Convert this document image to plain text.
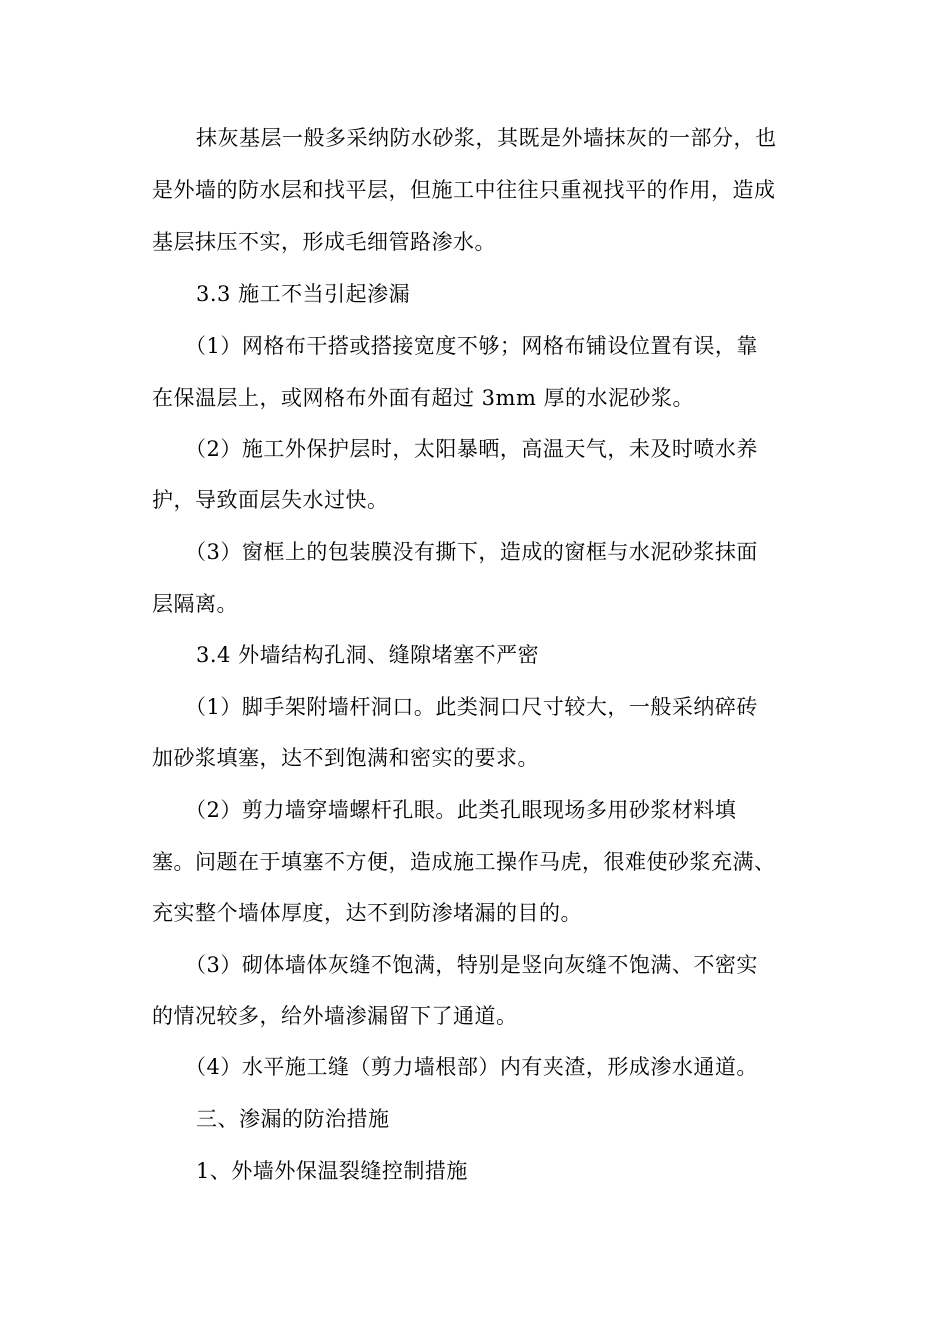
抹灰基层一般多采纳防水砂浆，其既是外墙抹灰的一部分，也
是外墙的防水层和找平层，但施工中往往只重视找平的作用，造成
基层抹压不实，形成毛细管路渗水。
3.3 施工不当引起渗漏
（1）网格布干搭或搭接宽度不够；网格布铺设位置有误，靠
在保温层上，或网格布外面有超过 3mm 厚的水泥砂浆。
（2）施工外保护层时，太阳暴晒，高温天气，未及时喷水养
护，导致面层失水过快。
（3）窗框上的包装膜没有撕下，造成的窗框与水泥砂浆抹面
层隔离。
3.4 外墙结构孔洞、缝隙堵塞不严密
（1）脚手架附墙杆洞口。此类洞口尺寸较大，一般采纳碎砖
加砂浆填塞，达不到饱满和密实的要求。
（2）剪力墙穿墙螺杆孔眼。此类孔眼现场多用砂浆材料填
塞。问题在于填塞不方便，造成施工操作马虎，很难使砂浆充满、
充实整个墙体厚度，达不到防渗堵漏的目的。
（3）砌体墙体灰缝不饱满，特别是竖向灰缝不饱满、不密实
的情况较多，给外墙渗漏留下了通道。
（4）水平施工缝（剪力墙根部）内有夹渣，形成渗水通道。
三、渗漏的防治措施
1、外墙外保温裂缝控制措施
